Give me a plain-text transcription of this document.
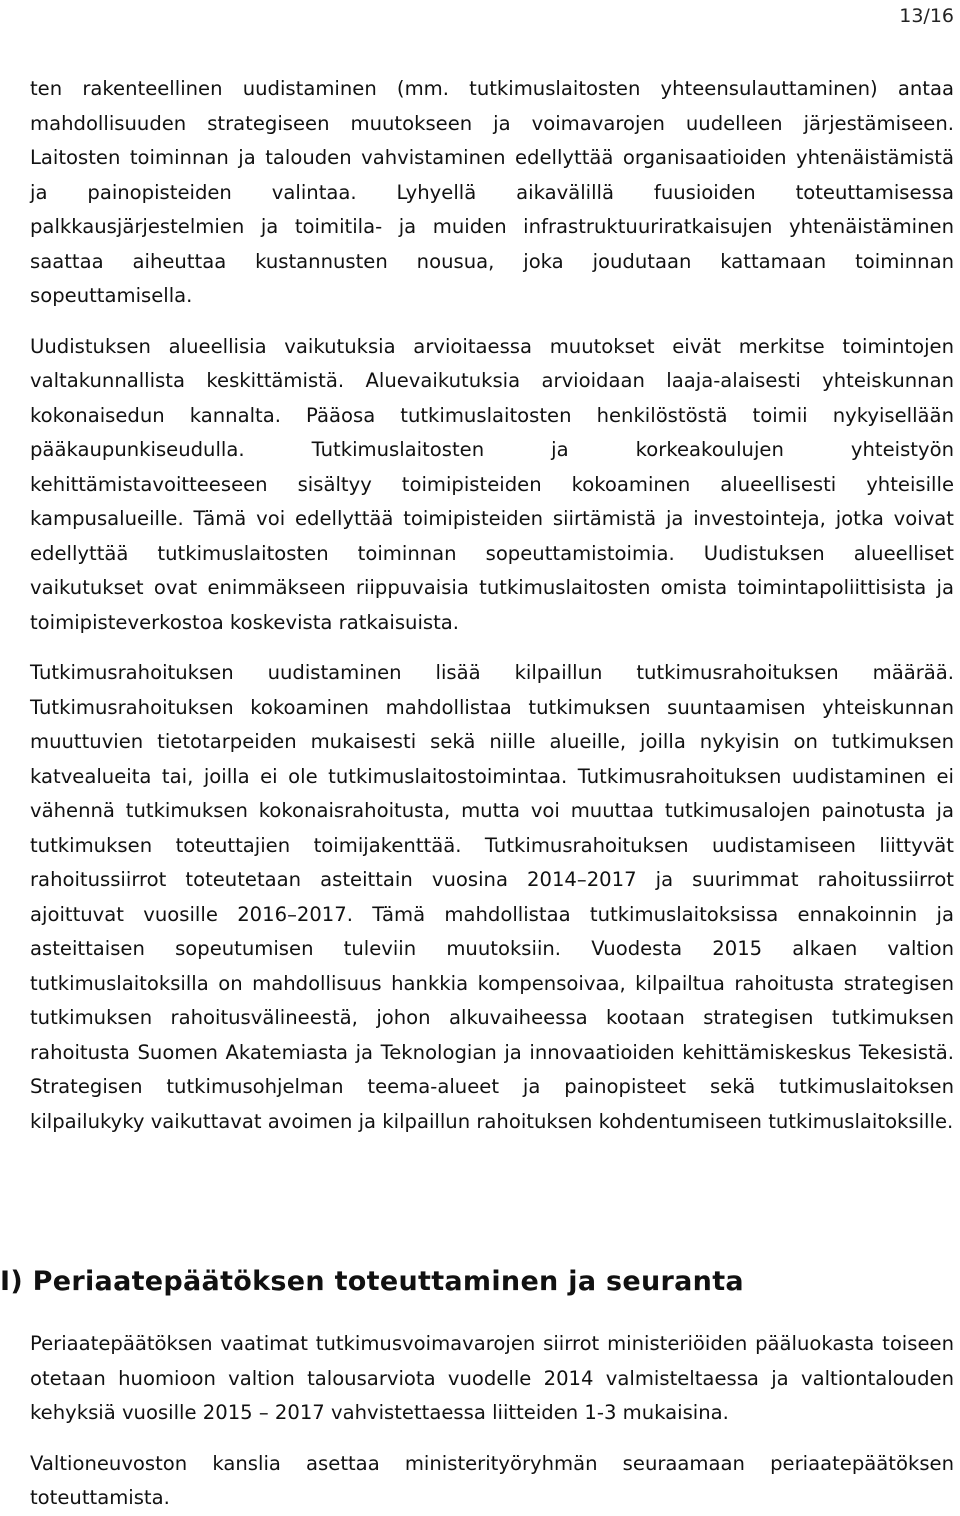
13/16

ten rakenteellinen uudistaminen (mm. tutkimuslaitosten yhteensulauttaminen) antaa mahdollisuuden strategiseen muutokseen ja voimavarojen uudelleen järjestämiseen. Laitosten toiminnan ja talouden vahvistaminen edellyttää organisaatioiden yhtenäistämistä ja painopisteiden valintaa. Lyhyellä aikavälillä fuusioiden toteuttamisessa palkkausjärjestelmien ja toimitila- ja muiden infrastruktuuriratkaisujen yhtenäistäminen saattaa aiheuttaa kustannusten nousua, joka joudutaan kattamaan toiminnan sopeuttamisella.

Uudistuksen alueellisia vaikutuksia arvioitaessa muutokset eivät merkitse toimintojen valtakunnallista keskittämistä. Aluevaikutuksia arvioidaan laaja-alaisesti yhteiskunnan kokonaisedun kannalta. Pääosa tutkimuslaitosten henkilöstöstä toimii nykyisellään pääkaupunkiseudulla. Tutkimuslaitosten ja korkeakoulujen yhteistyön kehittämistavoitteeseen sisältyy toimipisteiden kokoaminen alueellisesti yhteisille kampusalueille. Tämä voi edellyttää toimipisteiden siirtämistä ja investointeja, jotka voivat edellyttää tutkimuslaitosten toiminnan sopeuttamistoimia. Uudistuksen alueelliset vaikutukset ovat enimmäkseen riippuvaisia tutkimuslaitosten omista toimintapoliittisista ja toimipisteverkostoa koskevista ratkaisuista.

Tutkimusrahoituksen uudistaminen lisää kilpaillun tutkimusrahoituksen määrää. Tutkimusrahoituksen kokoaminen mahdollistaa tutkimuksen suuntaamisen yhteiskunnan muuttuvien tietotarpeiden mukaisesti sekä niille alueille, joilla nykyisin on tutkimuksen katvealueita tai, joilla ei ole tutkimuslaitostoimintaa. Tutkimusrahoituksen uudistaminen ei vähennä tutkimuksen kokonaisrahoitusta, mutta voi muuttaa tutkimusalojen painotusta ja tutkimuksen toteuttajien toimijakenttää. Tutkimusrahoituksen uudistamiseen liittyvät rahoitussiirrot toteutetaan asteittain vuosina 2014–2017 ja suurimmat rahoitussiirrot ajoittuvat vuosille 2016–2017. Tämä mahdollistaa tutkimuslaitoksissa ennakoinnin ja asteittaisen sopeutumisen tuleviin muutoksiin. Vuodesta 2015 alkaen valtion tutkimuslaitoksilla on mahdollisuus hankkia kompensoivaa, kilpailtua rahoitusta strategisen tutkimuksen rahoitusvälineestä, johon alkuvaiheessa kootaan strategisen tutkimuksen rahoitusta Suomen Akatemiasta ja Teknologian ja innovaatioiden kehittämiskeskus Tekesistä. Strategisen tutkimusohjelman teema-alueet ja painopisteet sekä tutkimuslaitoksen kilpailukyky vaikuttavat avoimen ja kilpaillun rahoituksen kohdentumiseen tutkimuslaitoksille.

I) Periaatepäätöksen toteuttaminen ja seuranta

Periaatepäätöksen vaatimat tutkimusvoimavarojen siirrot ministeriöiden pääluokasta toiseen otetaan huomioon valtion talousarviota vuodelle 2014 valmisteltaessa ja valtiontalouden kehyksiä vuosille 2015 – 2017 vahvistettaessa liitteiden 1-3 mukaisina.

Valtioneuvoston kanslia asettaa ministerityöryhmän seuraamaan periaatepäätöksen toteuttamista.
